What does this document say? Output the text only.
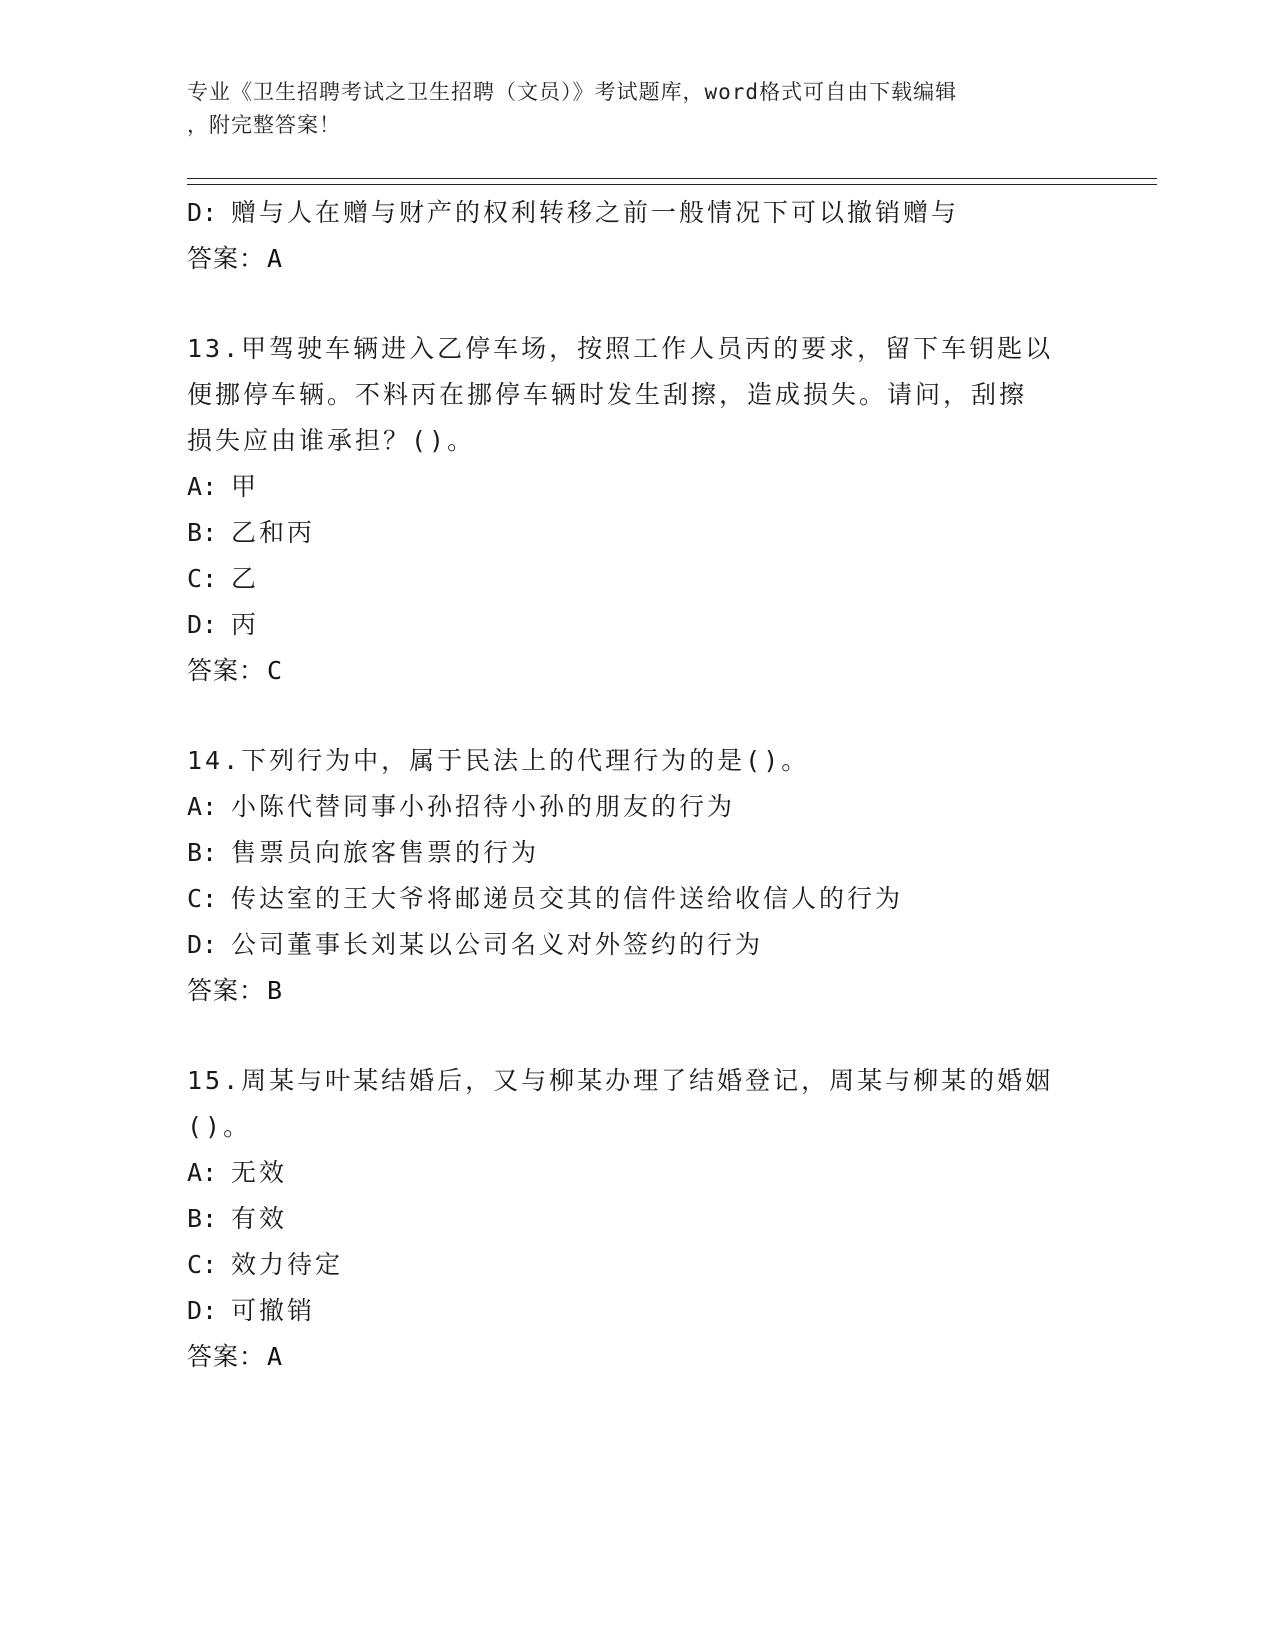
专业《卫生招聘考试之卫生招聘（文员）》考试题库，word格式可自由下载编辑
，附完整答案！
D: 赠与人在赠与财产的权利转移之前一般情况下可以撤销赠与
答案：A
13.甲驾驶车辆进入乙停车场，按照工作人员丙的要求，留下车钥匙以
便挪停车辆。不料丙在挪停车辆时发生刮擦，造成损失。请问，刮擦
损失应由谁承担？()。
A: 甲
B: 乙和丙
C: 乙
D: 丙
答案：C
14.下列行为中，属于民法上的代理行为的是()。
A: 小陈代替同事小孙招待小孙的朋友的行为
B: 售票员向旅客售票的行为
C: 传达室的王大爷将邮递员交其的信件送给收信人的行为
D: 公司董事长刘某以公司名义对外签约的行为
答案：B
15.周某与叶某结婚后，又与柳某办理了结婚登记，周某与柳某的婚姻
()。
A: 无效
B: 有效
C: 效力待定
D: 可撤销
答案：A
